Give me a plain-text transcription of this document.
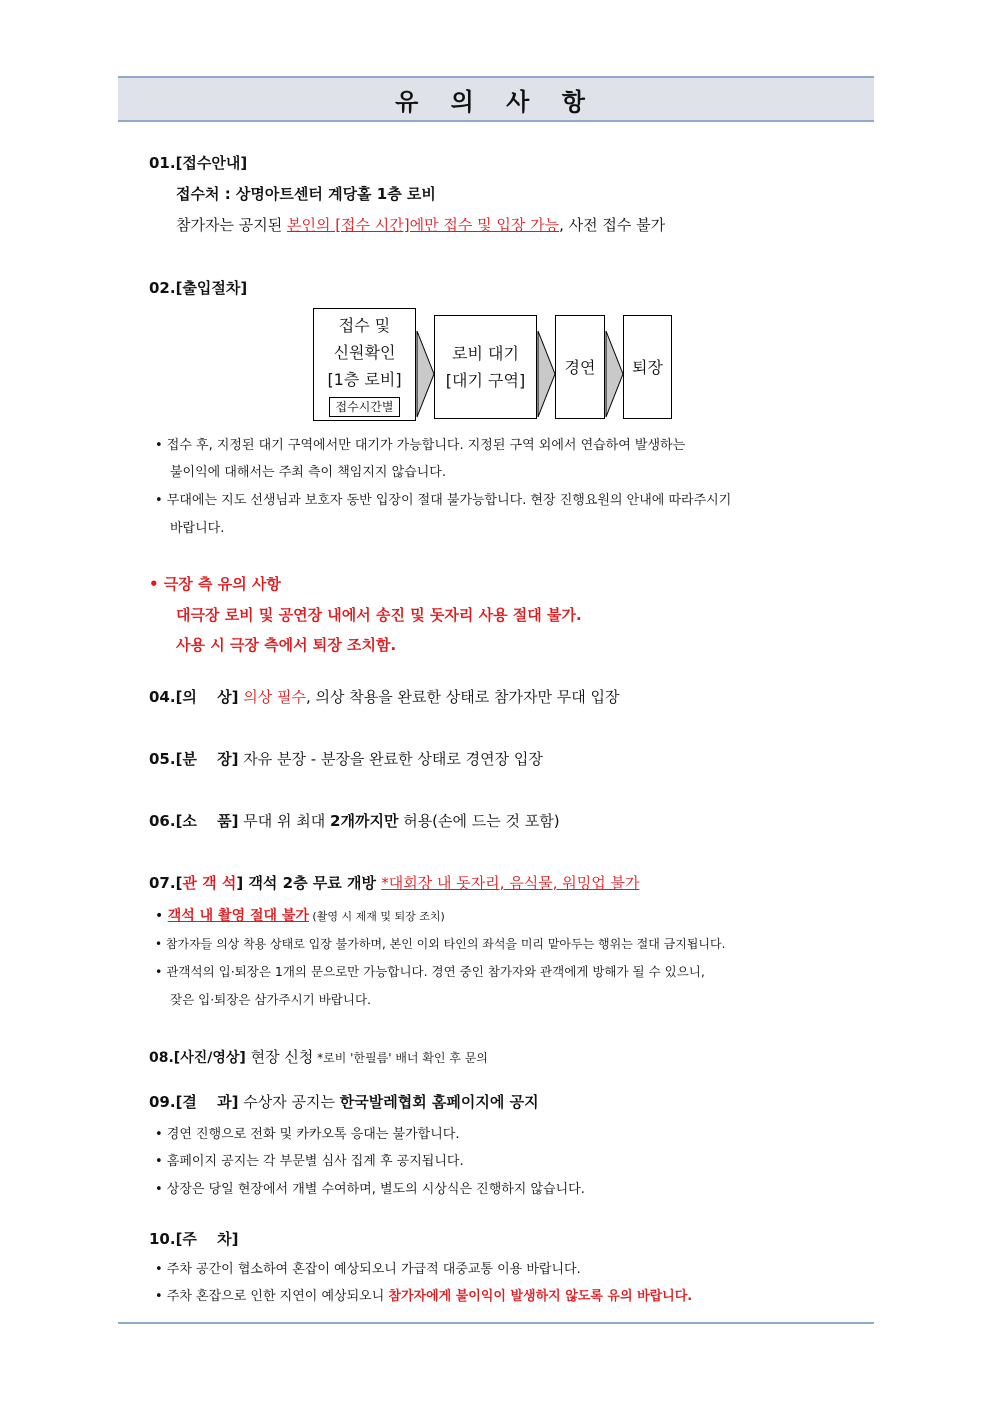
유 의 사 항
01.[접수안내]
접수처 : 상명아트센터 계당홀 1층 로비
참가자는 공지된 본인의 [접수 시간]에만 접수 및 입장 가능, 사전 접수 불가
02.[출입절차]
접수 및
신원확인
[1층 로비]
접수시간별
로비 대기
[대기 구역]
경연 퇴장
• 접수 후, 지정된 대기 구역에서만 대기가 가능합니다. 지정된 구역 외에서 연습하여 발생하는
불이익에 대해서는 주최 측이 책임지지 않습니다.
• 무대에는 지도 선생님과 보호자 동반 입장이 절대 불가능합니다. 현장 진행요원의 안내에 따라주시기
바랍니다.
• 극장 측 유의 사항
대극장 로비 및 공연장 내에서 송진 및 돗자리 사용 절대 불가.
사용 시 극장 측에서 퇴장 조치함.
04.[의　 상] 의상 필수, 의상 착용을 완료한 상태로 참가자만 무대 입장
05.[분　 장] 자유 분장 - 분장을 완료한 상태로 경연장 입장
06.[소　 품] 무대 위 최대 2개까지만 허용(손에 드는 것 포함)
07.[관 객 석] 객석 2층 무료 개방 *대회장 내 돗자리, 음식물, 워밍업 불가
• 객석 내 촬영 절대 불가 (촬영 시 제재 및 퇴장 조치)
• 참가자들 의상 착용 상태로 입장 불가하며, 본인 이외 타인의 좌석을 미리 맡아두는 행위는 절대 금지됩니다.
• 관객석의 입·퇴장은 1개의 문으로만 가능합니다. 경연 중인 참가자와 관객에게 방해가 될 수 있으니,
잦은 입·퇴장은 삼가주시기 바랍니다.
08.[사진/영상] 현장 신청 *로비 '한필름' 배너 확인 후 문의
09.[결　 과] 수상자 공지는 한국발레협회 홈페이지에 공지
• 경연 진행으로 전화 및 카카오톡 응대는 불가합니다.
• 홈페이지 공지는 각 부문별 심사 집계 후 공지됩니다.
• 상장은 당일 현장에서 개별 수여하며, 별도의 시상식은 진행하지 않습니다.
10.[주　 차]
• 주차 공간이 협소하여 혼잡이 예상되오니 가급적 대중교통 이용 바랍니다.
• 주차 혼잡으로 인한 지연이 예상되오니 참가자에게 불이익이 발생하지 않도록 유의 바랍니다.
